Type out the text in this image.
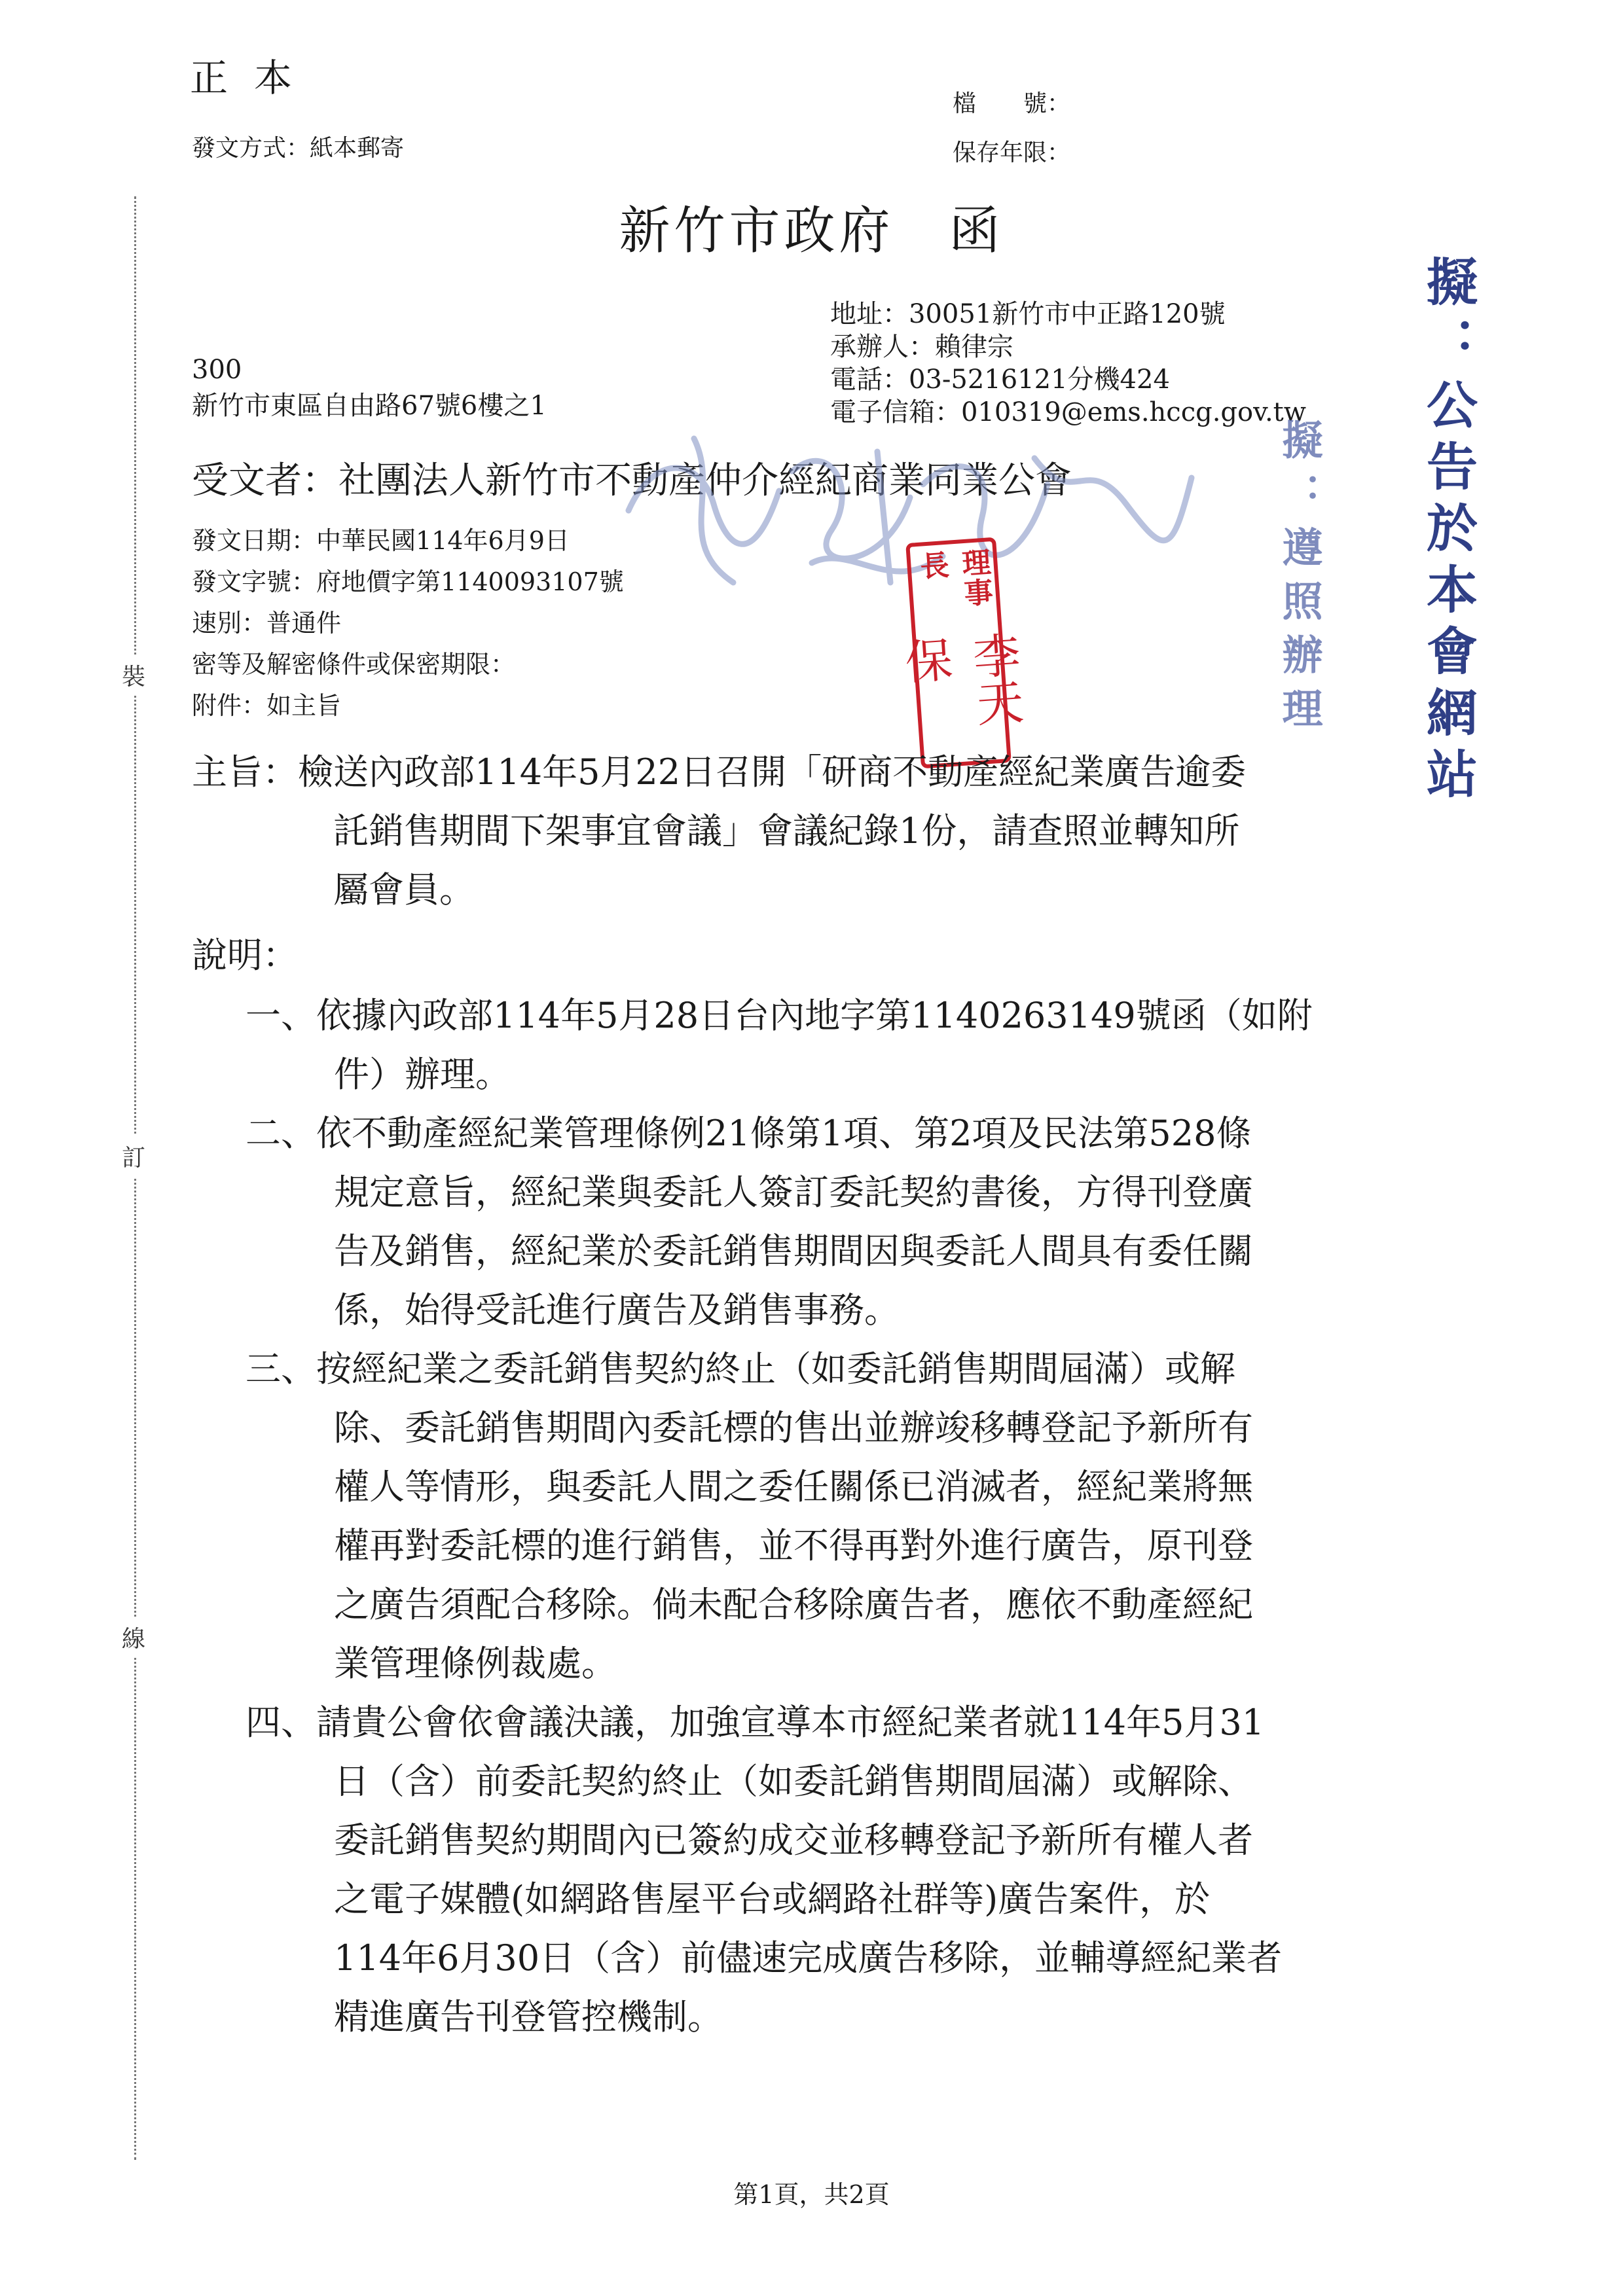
裝
訂
線
正本
發文方式：紙本郵寄
檔　　號：
保存年限：
新竹市政府　函
地址：30051新竹市中正路120號
承辦人：賴律宗
電話：03-5216121分機424
電子信箱：010319@ems.hccg.gov.tw
300
新竹市東區自由路67號6樓之1
受文者：社團法人新竹市不動產仲介經紀商業同業公會
發文日期：中華民國114年6月9日
發文字號：府地價字第1140093107號
速別：普通件
密等及解密條件或保密期限：
附件：如主旨
理事長
李天保	擬：遵照辦理 擬：公告於本會網站
主旨：檢送內政部114年5月22日召開「研商不動產經紀業廣告逾委
託銷售期間下架事宜會議」會議紀錄1份，請查照並轉知所
屬會員。
說明：
一、依據內政部114年5月28日台內地字第1140263149號函（如附
件）辦理。
二、依不動產經紀業管理條例21條第1項、第2項及民法第528條
規定意旨，經紀業與委託人簽訂委託契約書後，方得刊登廣
告及銷售，經紀業於委託銷售期間因與委託人間具有委任關
係，始得受託進行廣告及銷售事務。
三、按經紀業之委託銷售契約終止（如委託銷售期間屆滿）或解
除、委託銷售期間內委託標的售出並辦竣移轉登記予新所有
權人等情形，與委託人間之委任關係已消滅者，經紀業將無
權再對委託標的進行銷售，並不得再對外進行廣告，原刊登
之廣告須配合移除。倘未配合移除廣告者，應依不動產經紀
業管理條例裁處。
四、請貴公會依會議決議，加強宣導本市經紀業者就114年5月31
日（含）前委託契約終止（如委託銷售期間屆滿）或解除、
委託銷售契約期間內已簽約成交並移轉登記予新所有權人者
之電子媒體(如網路售屋平台或網路社群等)廣告案件，於
114年6月30日（含）前儘速完成廣告移除，並輔導經紀業者
精進廣告刊登管控機制。
第1頁，共2頁
